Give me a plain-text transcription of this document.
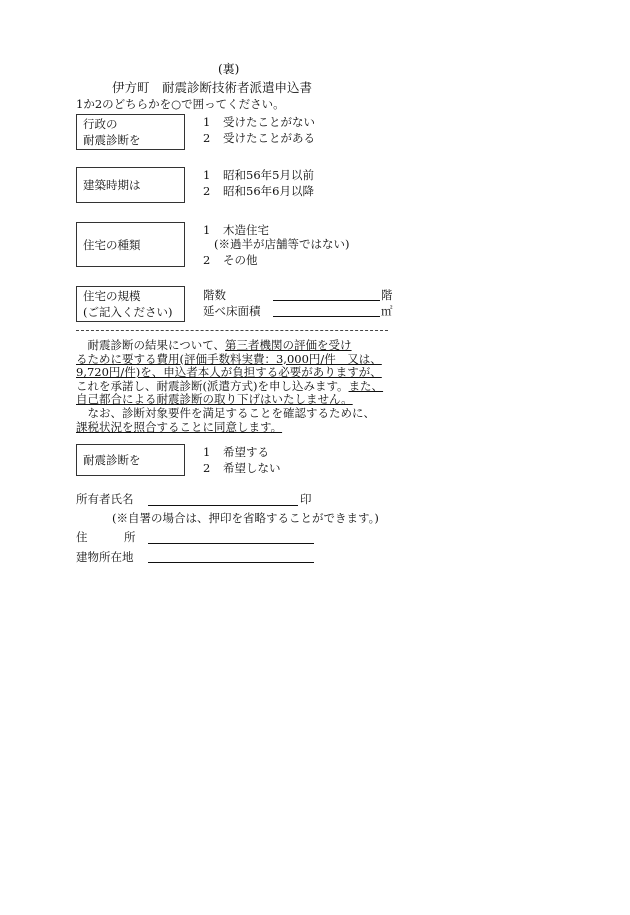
(裏)
伊方町　耐震診断技術者派遣申込書
1か2のどちらかを○で囲ってください。
行政の
耐震診断を
1 受けたことがない
2 受けたことがある
建築時期は
1 昭和56年5月以前
2 昭和56年6月以降
住宅の種類
1 木造住宅
(※過半が店舗等ではない)
2 その他
住宅の規模
(ご記入ください)
階数	階
延べ床面積	㎡
　耐震診断の結果について、第三者機関の評価を受け
るために要する費用(評価手数料実費：3,000円/件　又は、
9,720円/件)を、申込者本人が負担する必要がありますが、
これを承諾し、耐震診断(派遣方式)を申し込みます。また、
自己都合による耐震診断の取り下げはいたしません。
　なお、診断対象要件を満足することを確認するために、
課税状況を照合することに同意します。
耐震診断を
1 希望する
2 希望しない
所有者氏名	印
(※自署の場合は、押印を省略することができます。)
住	所
建物所在地
